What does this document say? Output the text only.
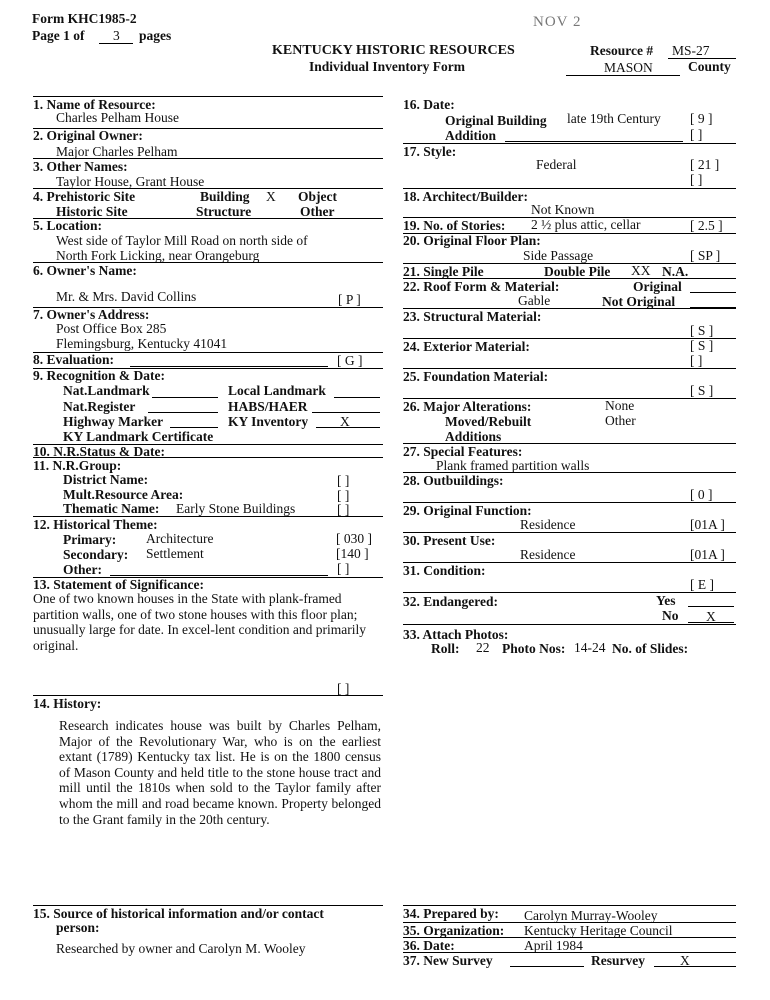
Form KHC1985-2
Page 1 of 3 pages
KENTUCKY HISTORIC RESOURCES
Individual Inventory Form
NOV 2
Resource # MS-27
MASON	County
1. Name of Resource:
Charles Pelham House
2. Original Owner:
Major Charles Pelham
3. Other Names:
Taylor House, Grant House
4. Prehistoric Site	Building X Object
Historic Site	Structure	Other
5. Location:
West side of Taylor Mill Road on north side of
North Fork Licking, near Orangeburg
6. Owner's Name:
Mr. & Mrs. David Collins	[ P ]
7. Owner's Address:
Post Office Box 285
Flemingsburg, Kentucky 41041
8. Evaluation:	[ G ]
9. Recognition & Date:
Nat.Landmark	Local Landmark
Nat.Register	HABS/HAER
Highway Marker	KY Inventory X
KY Landmark Certificate
10. N.R.Status & Date:
11. N.R.Group:
District Name:	[ ]
Mult.Resource Area:	[ ]
Thematic Name: Early Stone Buildings	[ ]
12. Historical Theme:
Primary: Architecture	[ 030 ]
Secondary: Settlement	[140 ]
Other:	[ ]
13. Statement of Significance:
One of two known houses in the State with plank-framed partition walls, one of two stone houses with this floor plan; unusually large for date. In excel-lent condition and primarily original.
[ ]
14. History:
Research indicates house was built by Charles Pelham, Major of the Revolutionary War, who is on the earliest extant (1789) Kentucky tax list. He is on the 1800 census of Mason County and held title to the stone house tract and mill until the 1810s when sold to the Taylor family after whom the mill and road became known. Property belonged to the Grant family in the 20th century.
15. Source of historical information and/or contact
person:
Researched by owner and Carolyn M. Wooley
16. Date:
Original Building late 19th Century [ 9 ]
Addition	[ ]
17. Style:
Federal	[ 21 ]
[ ]
18. Architect/Builder:
Not Known
19. No. of Stories: 2 ½ plus attic, cellar	[ 2.5 ]
20. Original Floor Plan:
Side Passage	[ SP ]
21. Single Pile	Double Pile XX N.A.
22. Roof Form & Material:	Original
Gable	Not Original
23. Structural Material:
[ S ]
24. Exterior Material:	[ S ]
[ ]
25. Foundation Material:
[ S ]
26. Major Alterations:	None
Moved/Rebuilt	Other
Additions
27. Special Features:
Plank framed partition walls
28. Outbuildings:
[ 0 ]
29. Original Function:
Residence	[01A ]
30. Present Use:
Residence	[01A ]
31. Condition:
[ E ]
32. Endangered:	Yes
No X
33. Attach Photos:
Roll: 22 Photo Nos: 14-24 No. of Slides:
34. Prepared by: Carolyn Murray-Wooley
35. Organization: Kentucky Heritage Council
36. Date:	April 1984
37. New Survey	Resurvey	X
